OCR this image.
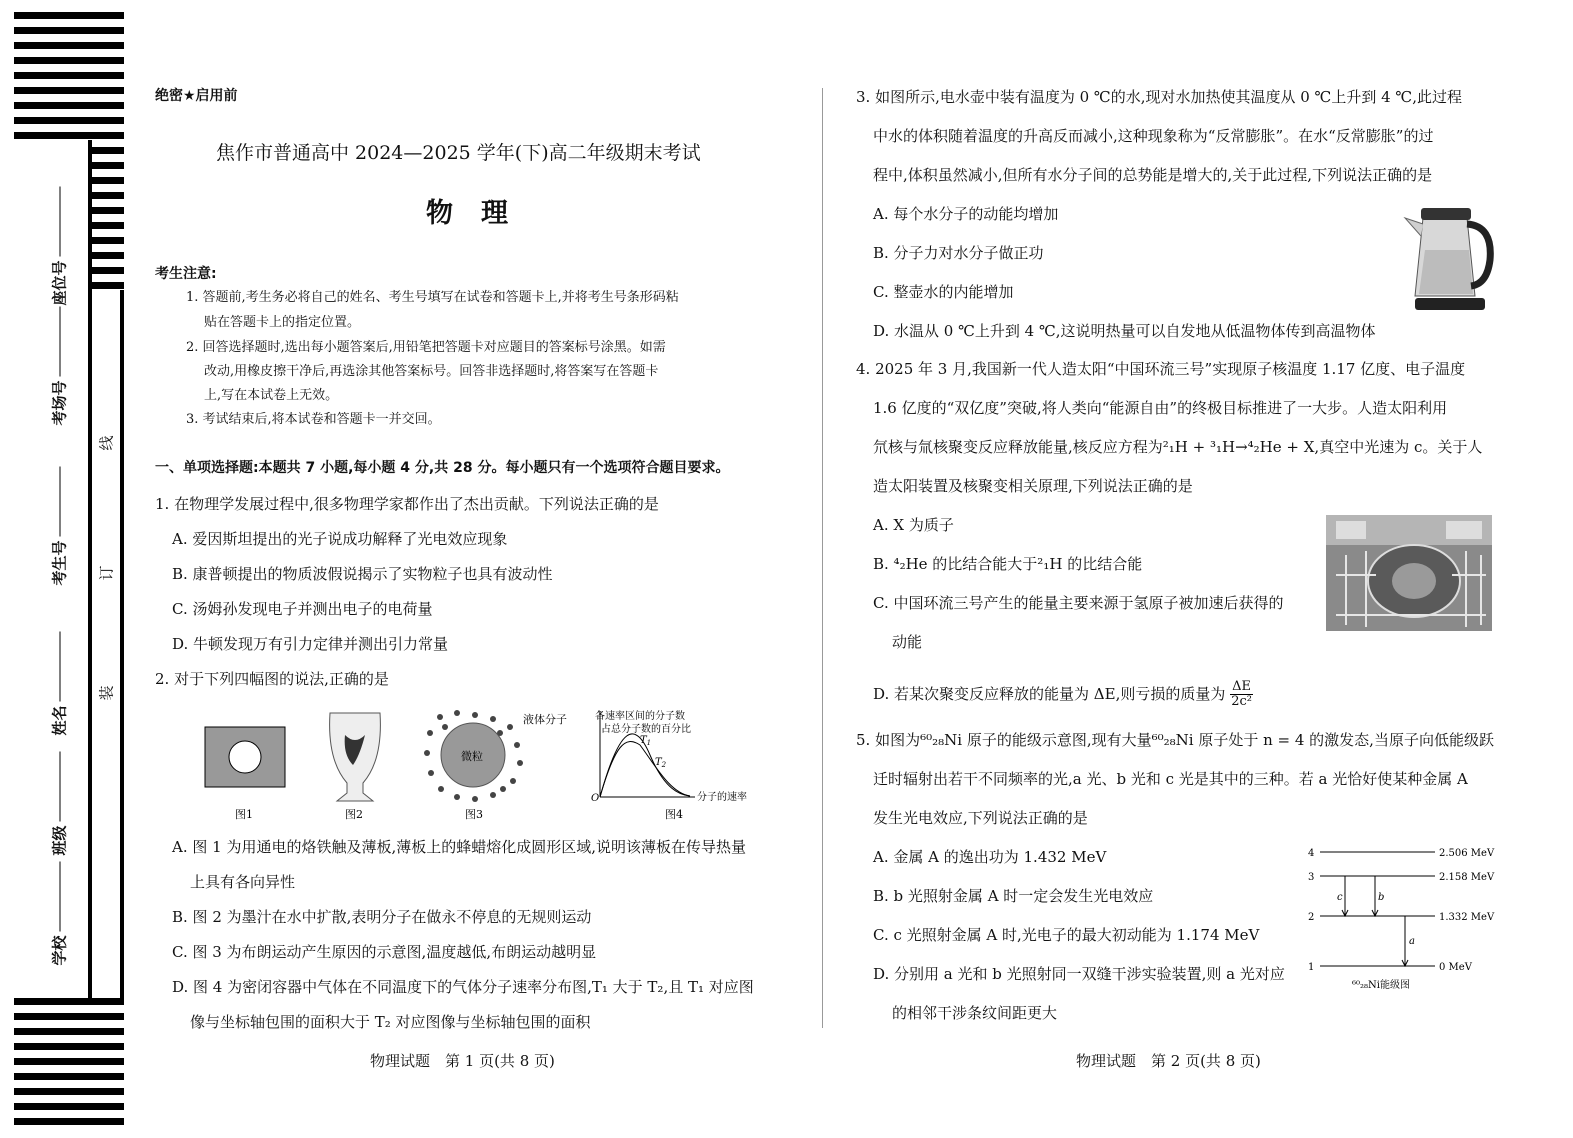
座位号
考场号
考生号
姓名
班级
学校
线
订
装
绝密★启用前
焦作市普通高中 2024—2025 学年(下)高二年级期末考试
物理
考生注意:
1. 答题前,考生务必将自己的姓名、考生号填写在试卷和答题卡上,并将考生号条形码粘
贴在答题卡上的指定位置。
2. 回答选择题时,选出每小题答案后,用铅笔把答题卡对应题目的答案标号涂黑。如需
改动,用橡皮擦干净后,再选涂其他答案标号。回答非选择题时,将答案写在答题卡
上,写在本试卷上无效。
3. 考试结束后,将本试卷和答题卡一并交回。
一、单项选择题:本题共 7 小题,每小题 4 分,共 28 分。每小题只有一个选项符合题目要求。
1. 在物理学发展过程中,很多物理学家都作出了杰出贡献。下列说法正确的是
A. 爱因斯坦提出的光子说成功解释了光电效应现象
B. 康普顿提出的物质波假说揭示了实物粒子也具有波动性
C. 汤姆孙发现电子并测出电子的电荷量
D. 牛顿发现万有引力定律并测出引力常量
2. 对于下列四幅图的说法,正确的是
图1	图2
微粒
液体分子
图3
各速率区间的分子数
占总分子数的百分比
分子的速率
O
$T_1$
$T_2$
图4
A. 图 1 为用通电的烙铁触及薄板,薄板上的蜂蜡熔化成圆形区域,说明该薄板在传导热量
上具有各向异性
B. 图 2 为墨汁在水中扩散,表明分子在做永不停息的无规则运动
C. 图 3 为布朗运动产生原因的示意图,温度越低,布朗运动越明显
D. 图 4 为密闭容器中气体在不同温度下的气体分子速率分布图,T₁ 大于 T₂,且 T₁ 对应图
像与坐标轴包围的面积大于 T₂ 对应图像与坐标轴包围的面积
物理试题　第 1 页(共 8 页)
3. 如图所示,电水壶中装有温度为 0 ℃的水,现对水加热使其温度从 0 ℃上升到 4 ℃,此过程
中水的体积随着温度的升高反而减小,这种现象称为“反常膨胀”。在水“反常膨胀”的过
程中,体积虽然减小,但所有水分子间的总势能是增大的,关于此过程,下列说法正确的是
A. 每个水分子的动能均增加
B. 分子力对水分子做正功
C. 整壶水的内能增加
D. 水温从 0 ℃上升到 4 ℃,这说明热量可以自发地从低温物体传到高温物体
4. 2025 年 3 月,我国新一代人造太阳“中国环流三号”实现原子核温度 1.17 亿度、电子温度
1.6 亿度的“双亿度”突破,将人类向“能源自由”的终极目标推进了一大步。人造太阳利用
氘核与氚核聚变反应释放能量,核反应方程为²₁H + ³₁H→⁴₂He + X,真空中光速为 c。关于人
造太阳装置及核聚变相关原理,下列说法正确的是
A. X 为质子
B. ⁴₂He 的比结合能大于²₁H 的比结合能
C. 中国环流三号产生的能量主要来源于氢原子被加速后获得的
动能
D. 若某次聚变反应释放的能量为 ΔE,则亏损的质量为 $\frac{\Delta E}{\text{2c²}}$
5. 如图为⁶⁰₂₈Ni 原子的能级示意图,现有大量⁶⁰₂₈Ni 原子处于 n = 4 的激发态,当原子向低能级跃
迁时辐射出若干不同频率的光,a 光、b 光和 c 光是其中的三种。若 a 光恰好使某种金属 A
发生光电效应,下列说法正确的是
A. 金属 A 的逸出功为 1.432 MeV
B. b 光照射金属 A 时一定会发生光电效应
C. c 光照射金属 A 时,光电子的最大初动能为 1.174 MeV
D. 分别用 a 光和 b 光照射同一双缝干涉实验装置,则 a 光对应
的相邻干涉条纹间距更大
4
3
2
1
2.506 MeV
2.158 MeV
1.332 MeV
0 MeV
c	b
a
⁶⁰₂₈Ni能级图
物理试题　第 2 页(共 8 页)
